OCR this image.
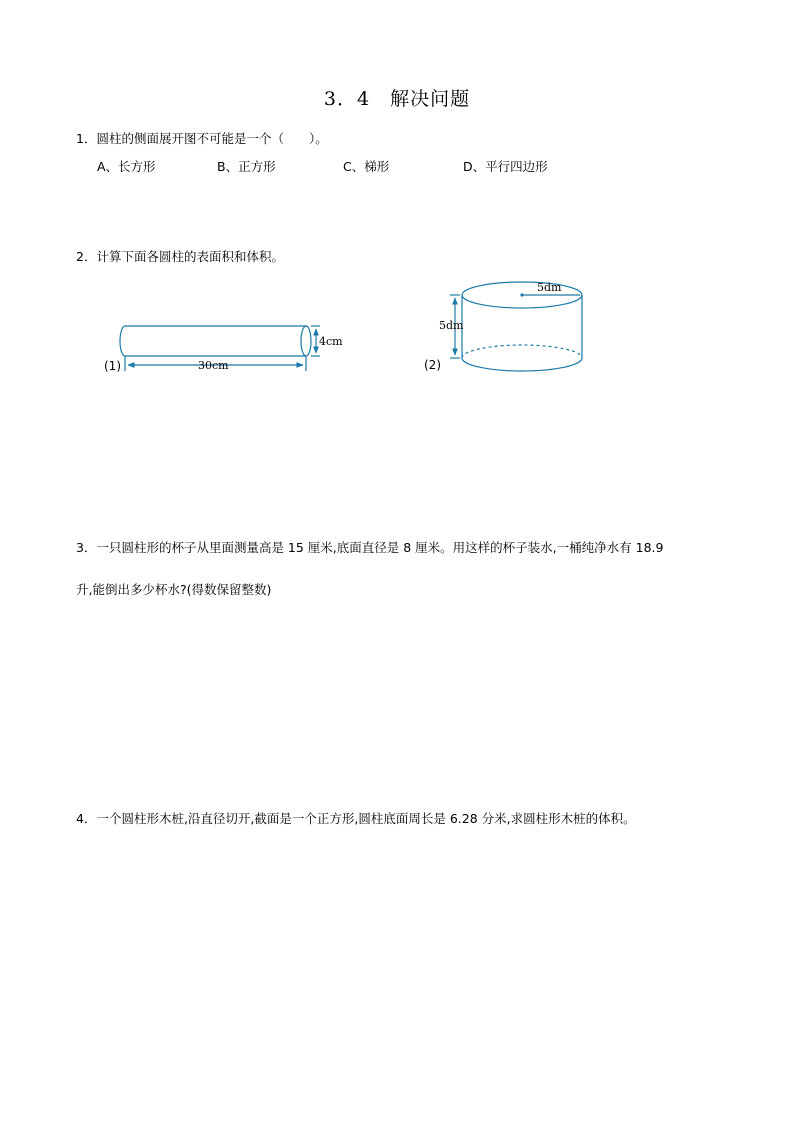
3．4 解决问题
1．圆柱的侧面展开图不可能是一个（　　）。
A、长方形	B、正方形	C、梯形	D、平行四边形
2．计算下面各圆柱的表面积和体积。
30cm
4cm
(1)
5dm
5dm
(2)
3．一只圆柱形的杯子从里面测量高是 15 厘米,底面直径是 8 厘米。用这样的杯子装水,一桶纯净水有 18.9
升,能倒出多少杯水?(得数保留整数)
4．一个圆柱形木桩,沿直径切开,截面是一个正方形,圆柱底面周长是 6.28 分米,求圆柱形木桩的体积。
